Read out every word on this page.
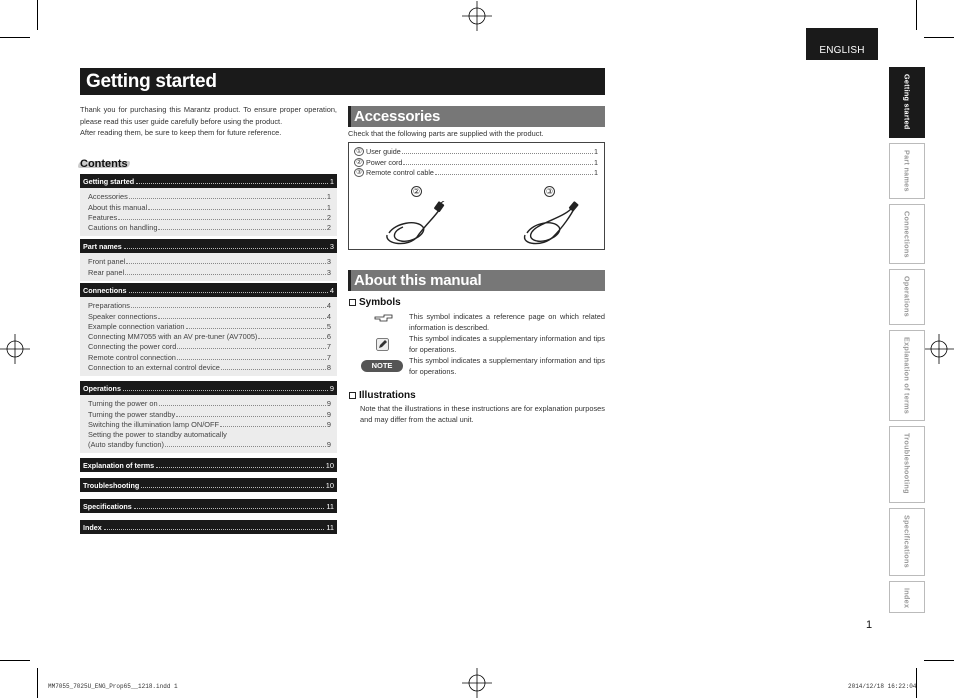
ENGLISH
Getting started

Thank you for purchasing this Marantz product. To ensure proper operation, please read this user guide carefully before using the product.

After reading them, be sure to keep them for future reference.

Contents
Getting started	1
Accessories	1
About this manual	1
Features	2
Cautions on handling	2
Part names	3
Front panel	3
Rear panel	3
Connections	4
Preparations	4
Speaker connections	4
Example connection variation	5
Connecting MM7055 with an AV pre-tuner (AV7005)	6
Connecting the power cord	7
Remote control connection	7
Connection to an external control device	8
Operations	9
Turning the power on	9
Turning the power standby	9
Switching the illumination lamp ON/OFF	9
Setting the power to standby automatically
(Auto standby function)	9
Explanation of terms	10
Troubleshooting	10
Specifications	11
Index	11
Accessories
Check that the following parts are supplied with the product.
① User guide	1
② Power cord	1
③ Remote control cable	1
②	③
About this manual
Symbols
This symbol indicates a reference page on which related information is described.
This symbol indicates a supplementary information and tips for operations.
NOTE
This symbol indicates a supplementary information and tips for operations.
Illustrations
Note that the illustrations in these instructions are for explanation purposes and may differ from the actual unit.
Getting started
Part names
Connections
Operations
Explanation of terms
Troubleshooting
Specifications
Index
1
MM7055_7025U_ENG_Prop65__1218.indd 1	2014/12/18 16:22:04
